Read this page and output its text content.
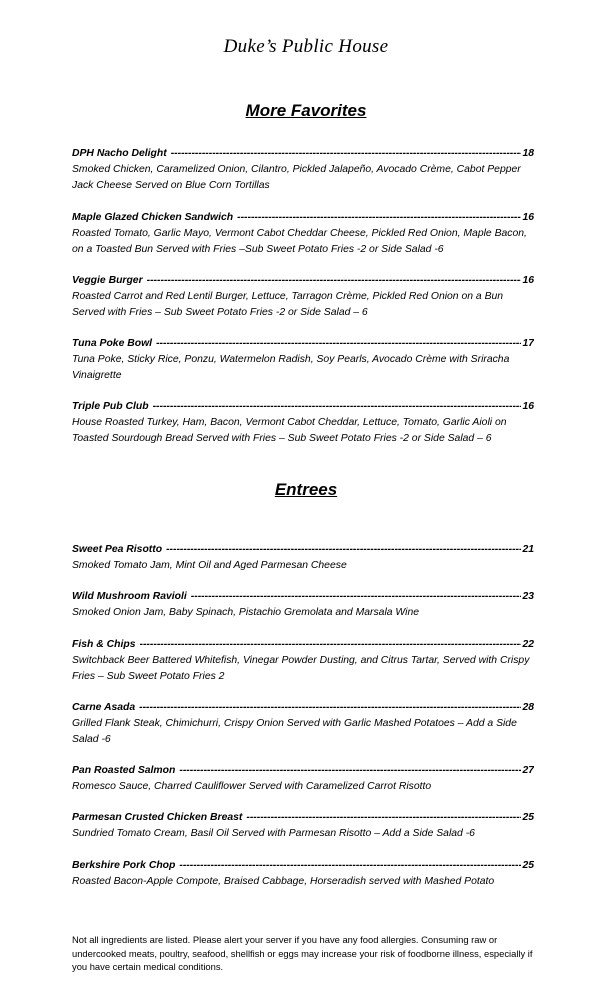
Duke’s Public House
More Favorites
DPH Nacho Delight -----	18
Smoked Chicken, Caramelized Onion, Cilantro, Pickled Jalapeño, Avocado Crème, Cabot Pepper Jack Cheese Served on Blue Corn Tortillas
Maple Glazed Chicken Sandwich -----	16
Roasted Tomato, Garlic Mayo, Vermont Cabot Cheddar Cheese, Pickled Red Onion, Maple Bacon, on a Toasted Bun Served with Fries –Sub Sweet Potato Fries -2 or Side Salad -6
Veggie Burger -----	16
Roasted Carrot and Red Lentil Burger, Lettuce, Tarragon Crème, Pickled Red Onion on a Bun Served with Fries – Sub Sweet Potato Fries -2 or Side Salad – 6
Tuna Poke Bowl -----	17
Tuna Poke, Sticky Rice, Ponzu, Watermelon Radish, Soy Pearls, Avocado Crème with Sriracha Vinaigrette
Triple Pub Club -----	16
House Roasted Turkey, Ham, Bacon, Vermont Cabot Cheddar, Lettuce, Tomato, Garlic Aioli on Toasted Sourdough Bread Served with Fries – Sub Sweet Potato Fries -2 or Side Salad – 6
Entrees
Sweet Pea Risotto -----	21
Smoked Tomato Jam, Mint Oil and Aged Parmesan Cheese
Wild Mushroom Ravioli -----	23
Smoked Onion Jam, Baby Spinach, Pistachio Gremolata and Marsala Wine
Fish & Chips -----	22
Switchback Beer Battered Whitefish, Vinegar Powder Dusting, and Citrus Tartar, Served with Crispy Fries – Sub Sweet Potato Fries 2
Carne Asada -----	28
Grilled Flank Steak, Chimichurri, Crispy Onion Served with Garlic Mashed Potatoes – Add a Side Salad -6
Pan Roasted Salmon -----	27
Romesco Sauce, Charred Cauliflower Served with Caramelized Carrot Risotto
Parmesan Crusted Chicken Breast -----	25
Sundried Tomato Cream, Basil Oil Served with Parmesan Risotto – Add a Side Salad -6
Berkshire Pork Chop -----	25
Roasted Bacon-Apple Compote, Braised Cabbage, Horseradish served with Mashed Potato
Not all ingredients are listed. Please alert your server if you have any food allergies. Consuming raw or undercooked meats, poultry, seafood, shellfish or eggs may increase your risk of foodborne illness, especially if you have certain medical conditions.
